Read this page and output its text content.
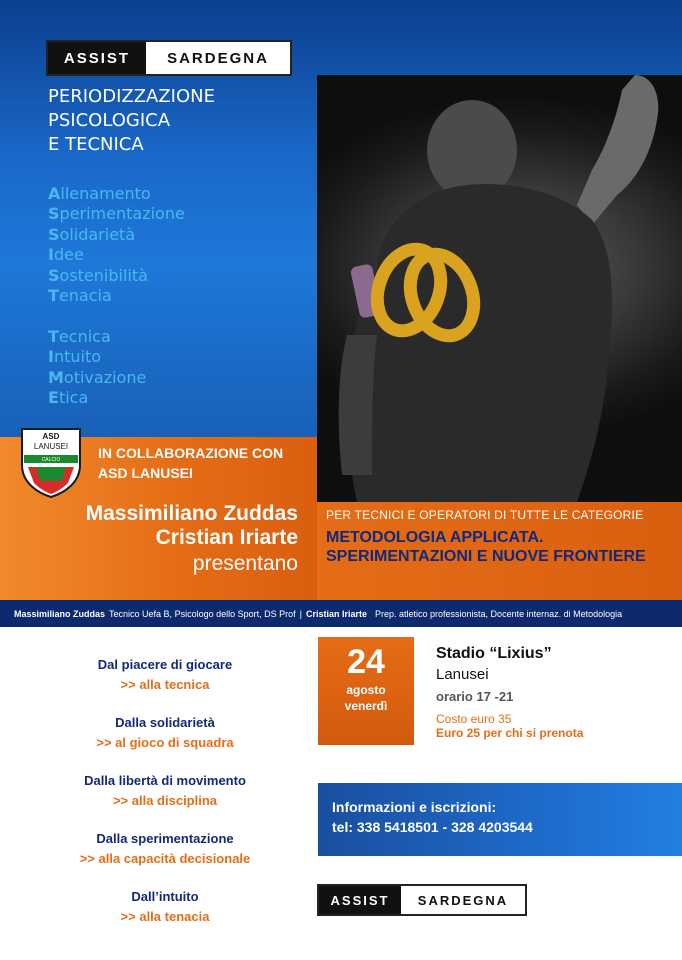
ASSIST	SARDEGNA
PERIODIZZAZIONE
PSICOLOGICA
E TECNICA
Allenamento
Sperimentazione
Solidarietà
Idee
Sostenibilità
Tenacia
Tecnica
Intuito
Motivazione
Etica
ASD
LANUSEI
CALCIO	IN COLLABORAZIONE CON
ASD LANUSEI
Massimiliano Zuddas
Cristian Iriarte
presentano
PER TECNICI E OPERATORI DI TUTTE LE CATEGORIE
METODOLOGIA APPLICATA. SPERIMENTAZIONI E NUOVE FRONTIERE
Massimiliano Zuddas Tecnico Uefa B, Psicologo dello Sport, DS Prof | Cristian Iriarte Prep. atletico professionista, Docente internaz. di Metodologia
Dal piacere di giocare
>> alla tecnica
Dalla solidarietà
>> al gioco di squadra
Dalla libertà di movimento
>> alla disciplina
Dalla sperimentazione
>> alla capacità decisionale
Dall’intuito
>> alla tenacia
24
agosto
venerdì
Stadio “Lixius”
Lanusei
orario 17 -21
Costo euro 35
Euro 25 per chi si prenota
Informazioni e iscrizioni:
tel: 338 5418501 - 328 4203544
ASSIST	SARDEGNA
